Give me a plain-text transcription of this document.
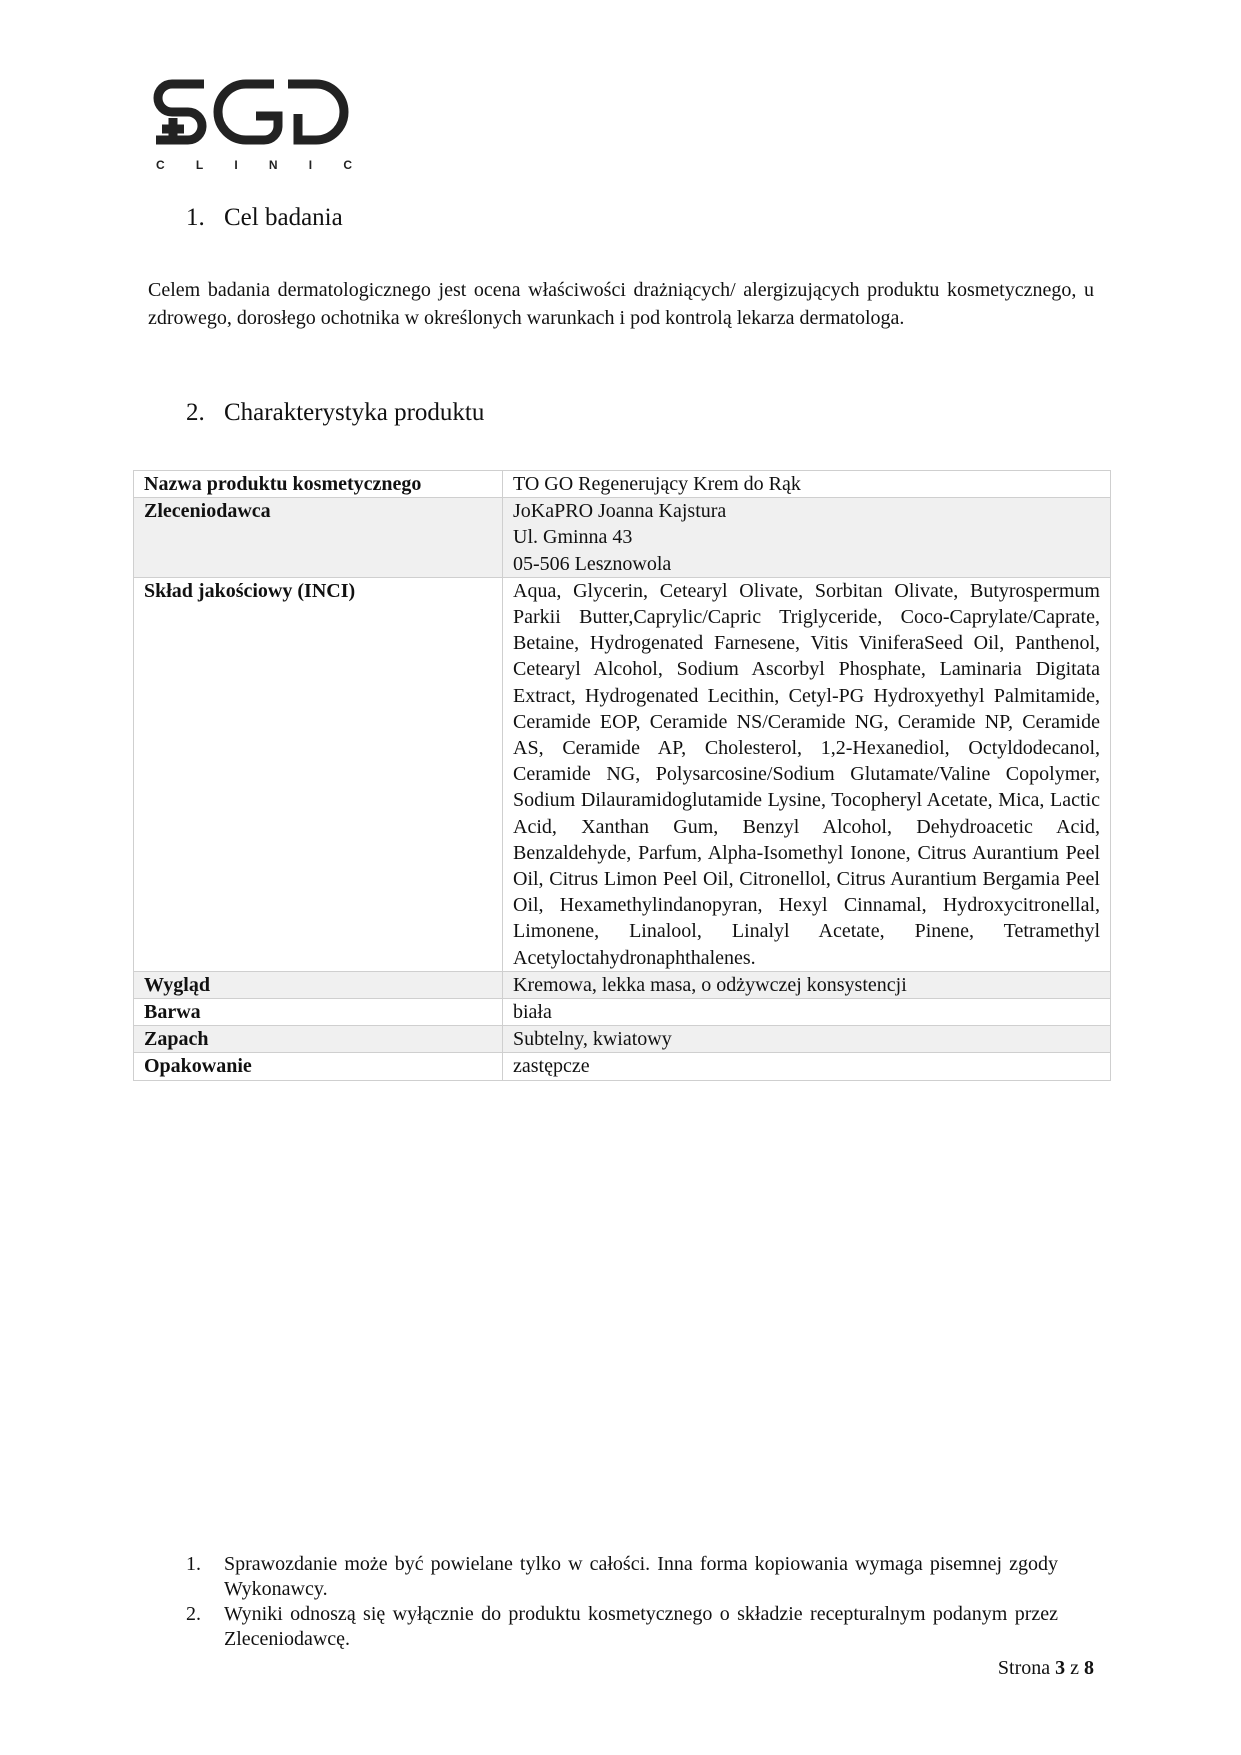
C	L	I	N	I	C
1. Cel badania

Celem badania dermatologicznego jest ocena właściwości drażniących/ alergizujących produktu kosmetycznego, u zdrowego, dorosłego ochotnika w określonych warunkach i pod kontrolą lekarza dermatologa.

2. Charakterystyka produktu
Nazwa produktu kosmetycznego	TO GO Regenerujący Krem do Rąk
Zleceniodawca	JoKaPRO Joanna Kajstura
Ul. Gminna 43
05-506 Lesznowola

Skład jakościowy (INCI)	Aqua, Glycerin, Cetearyl Olivate, Sorbitan Olivate, Butyrospermum Parkii Butter,Caprylic/Capric Triglyceride, Coco-Caprylate/Caprate, Betaine, Hydrogenated Farnesene, Vitis ViniferaSeed Oil, Panthenol, Cetearyl Alcohol, Sodium Ascorbyl Phosphate, Laminaria Digitata Extract, Hydrogenated Lecithin, Cetyl-PG Hydroxyethyl Palmitamide, Ceramide EOP, Ceramide NS/Ceramide NG, Ceramide NP, Ceramide AS, Ceramide AP, Cholesterol, 1,2-Hexanediol, Octyldodecanol, Ceramide NG, Polysarcosine/Sodium Glutamate/Valine Copolymer, Sodium Dilauramidoglutamide Lysine, Tocopheryl Acetate, Mica, Lactic Acid, Xanthan Gum, Benzyl Alcohol, Dehydroacetic Acid, Benzaldehyde, Parfum, Alpha-Isomethyl Ionone, Citrus Aurantium Peel Oil, Citrus Limon Peel Oil, Citronellol, Citrus Aurantium Bergamia Peel Oil, Hexamethylindanopyran, Hexyl Cinnamal, Hydroxycitronellal, Limonene, Linalool, Linalyl Acetate, Pinene, Tetramethyl Acetyloctahydronaphthalenes.
Wygląd	Kremowa, lekka masa, o odżywczej konsystencji
Barwa	biała
Zapach	Subtelny, kwiatowy
Opakowanie	zastępcze
1. Sprawozdanie może być powielane tylko w całości. Inna forma kopiowania wymaga pisemnej zgody Wykonawcy.
2. Wyniki odnoszą się wyłącznie do produktu kosmetycznego o składzie recepturalnym podanym przez Zleceniodawcę.
Strona 3 z 8
